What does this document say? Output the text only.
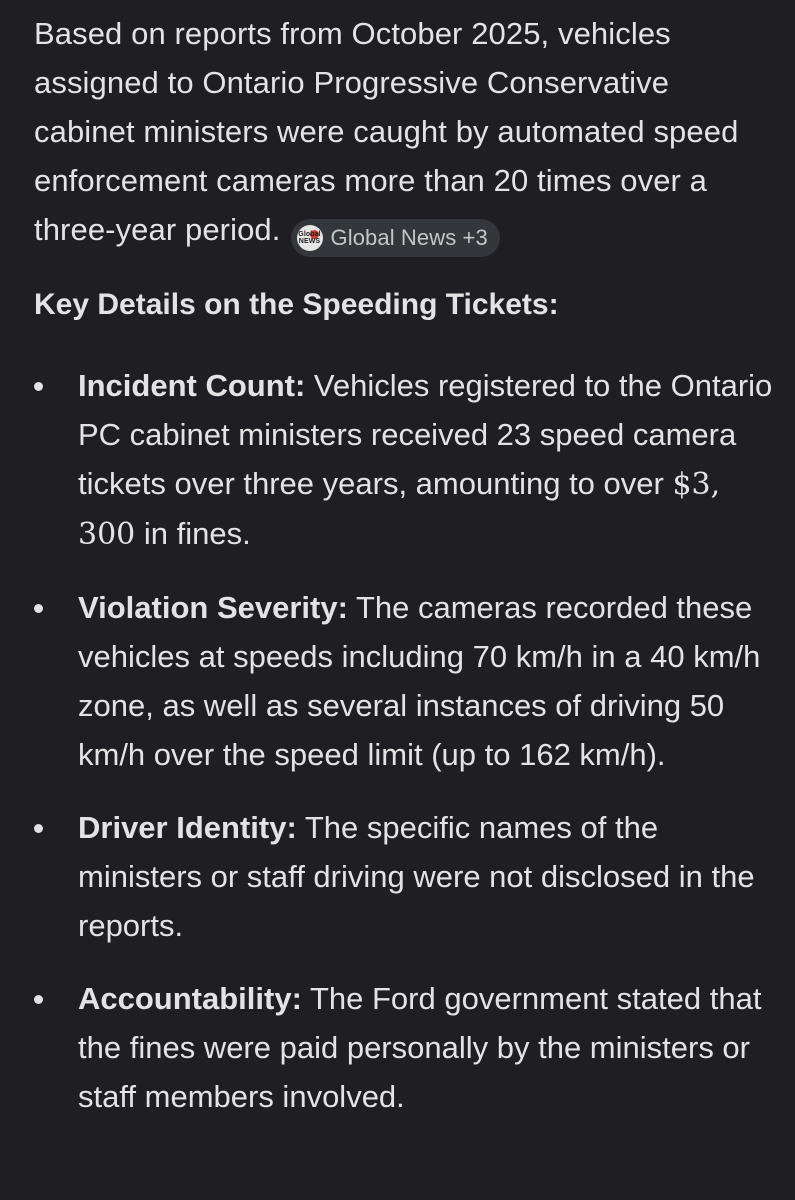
Based on reports from October 2025, vehicles assigned to Ontario Progressive Conservative cabinet ministers were caught by automated speed enforcement cameras more than 20 times over a three-year period.	Global NEWS Global News +3

Key Details on the Speeding Tickets:
Incident Count: Vehicles registered to the Ontario PC cabinet ministers received 23 speed camera tickets over three years, amounting to over $3, 300 in fines.
Violation Severity: The cameras recorded these vehicles at speeds including 70 km/h in a 40 km/h zone, as well as several instances of driving 50 km/h over the speed limit (up to 162 km/h).
Driver Identity: The specific names of the ministers or staff driving were not disclosed in the reports.
Accountability: The Ford government stated that the fines were paid personally by the ministers or staff members involved.
